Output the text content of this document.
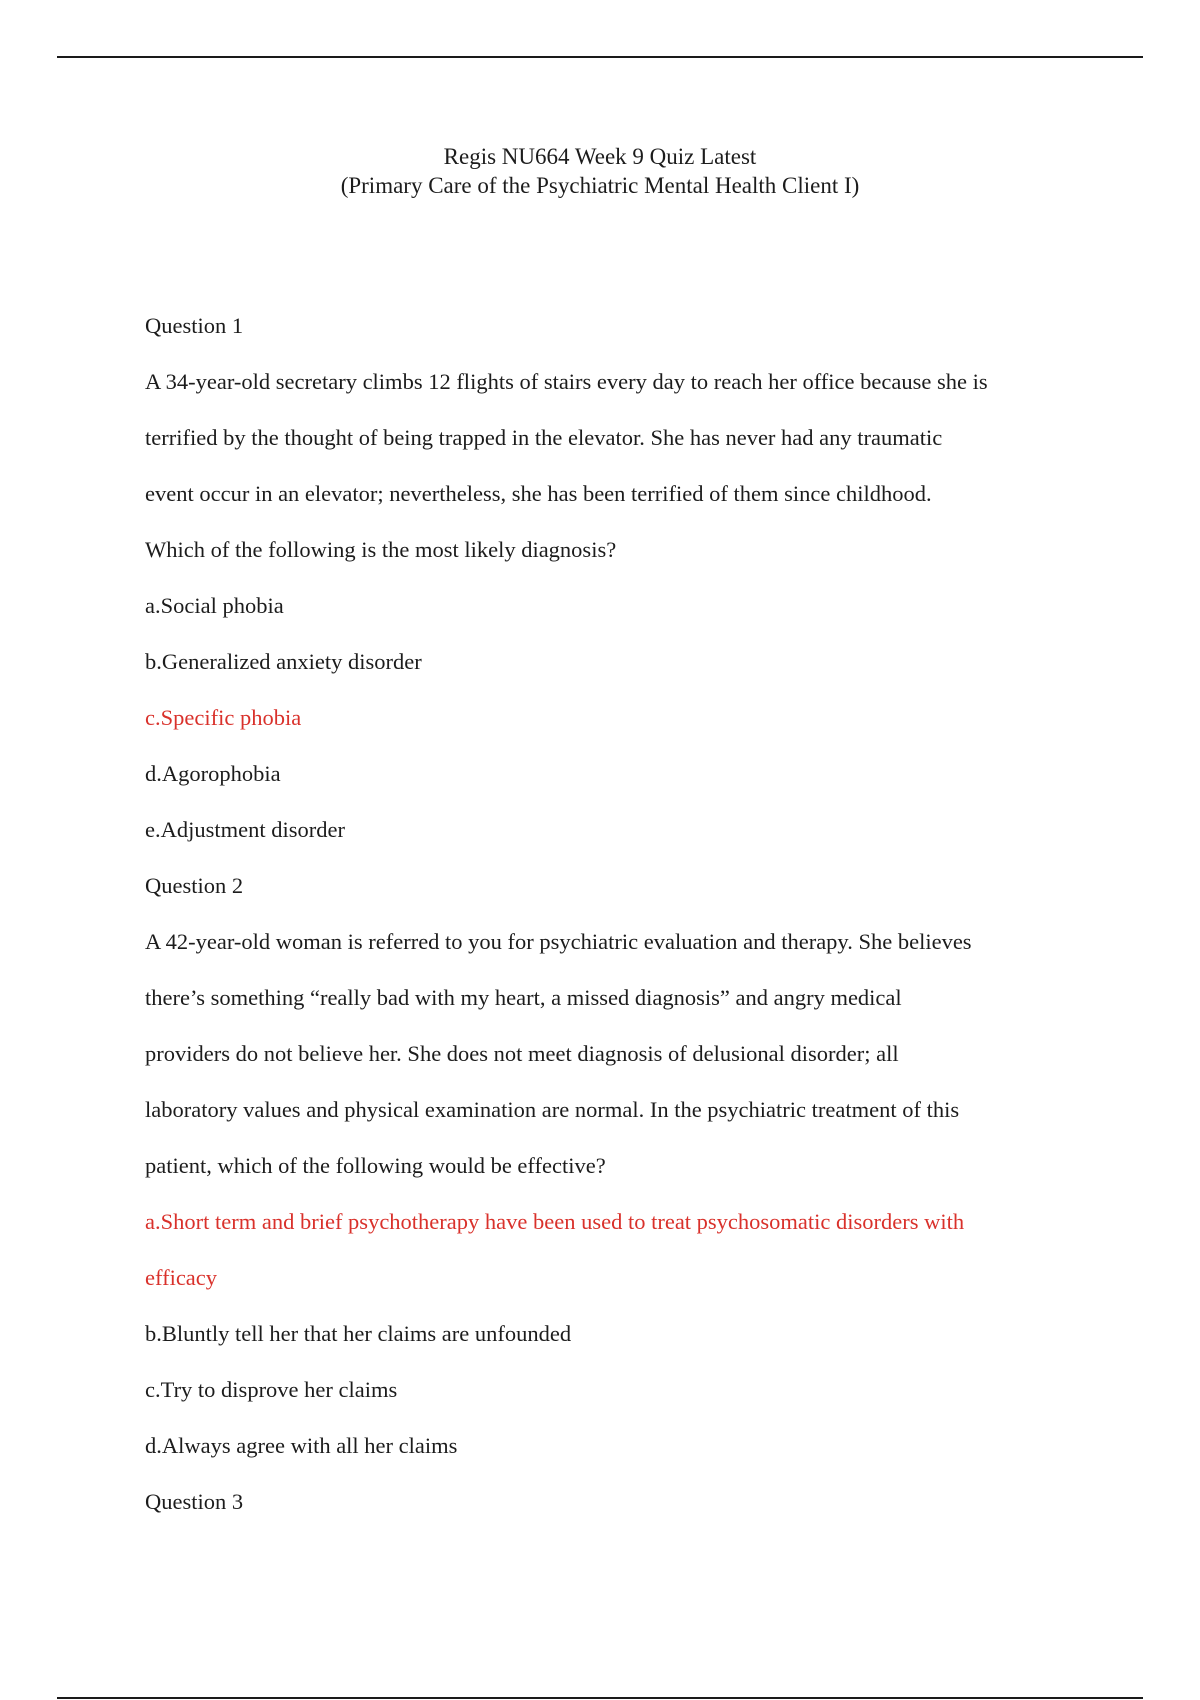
Regis NU664 Week 9 Quiz Latest
(Primary Care of the Psychiatric Mental Health Client I)
Question 1
A 34-year-old secretary climbs 12 flights of stairs every day to reach her office because she is
terrified by the thought of being trapped in the elevator. She has never had any traumatic
event occur in an elevator; nevertheless, she has been terrified of them since childhood.
Which of the following is the most likely diagnosis?
a.Social phobia
b.Generalized anxiety disorder
c.Specific phobia
d.Agorophobia
e.Adjustment disorder
Question 2
A 42-year-old woman is referred to you for psychiatric evaluation and therapy. She believes
there’s something “really bad with my heart, a missed diagnosis” and angry medical
providers do not believe her. She does not meet diagnosis of delusional disorder; all
laboratory values and physical examination are normal. In the psychiatric treatment of this
patient, which of the following would be effective?
a.Short term and brief psychotherapy have been used to treat psychosomatic disorders with
efficacy
b.Bluntly tell her that her claims are unfounded
c.Try to disprove her claims
d.Always agree with all her claims
Question 3
